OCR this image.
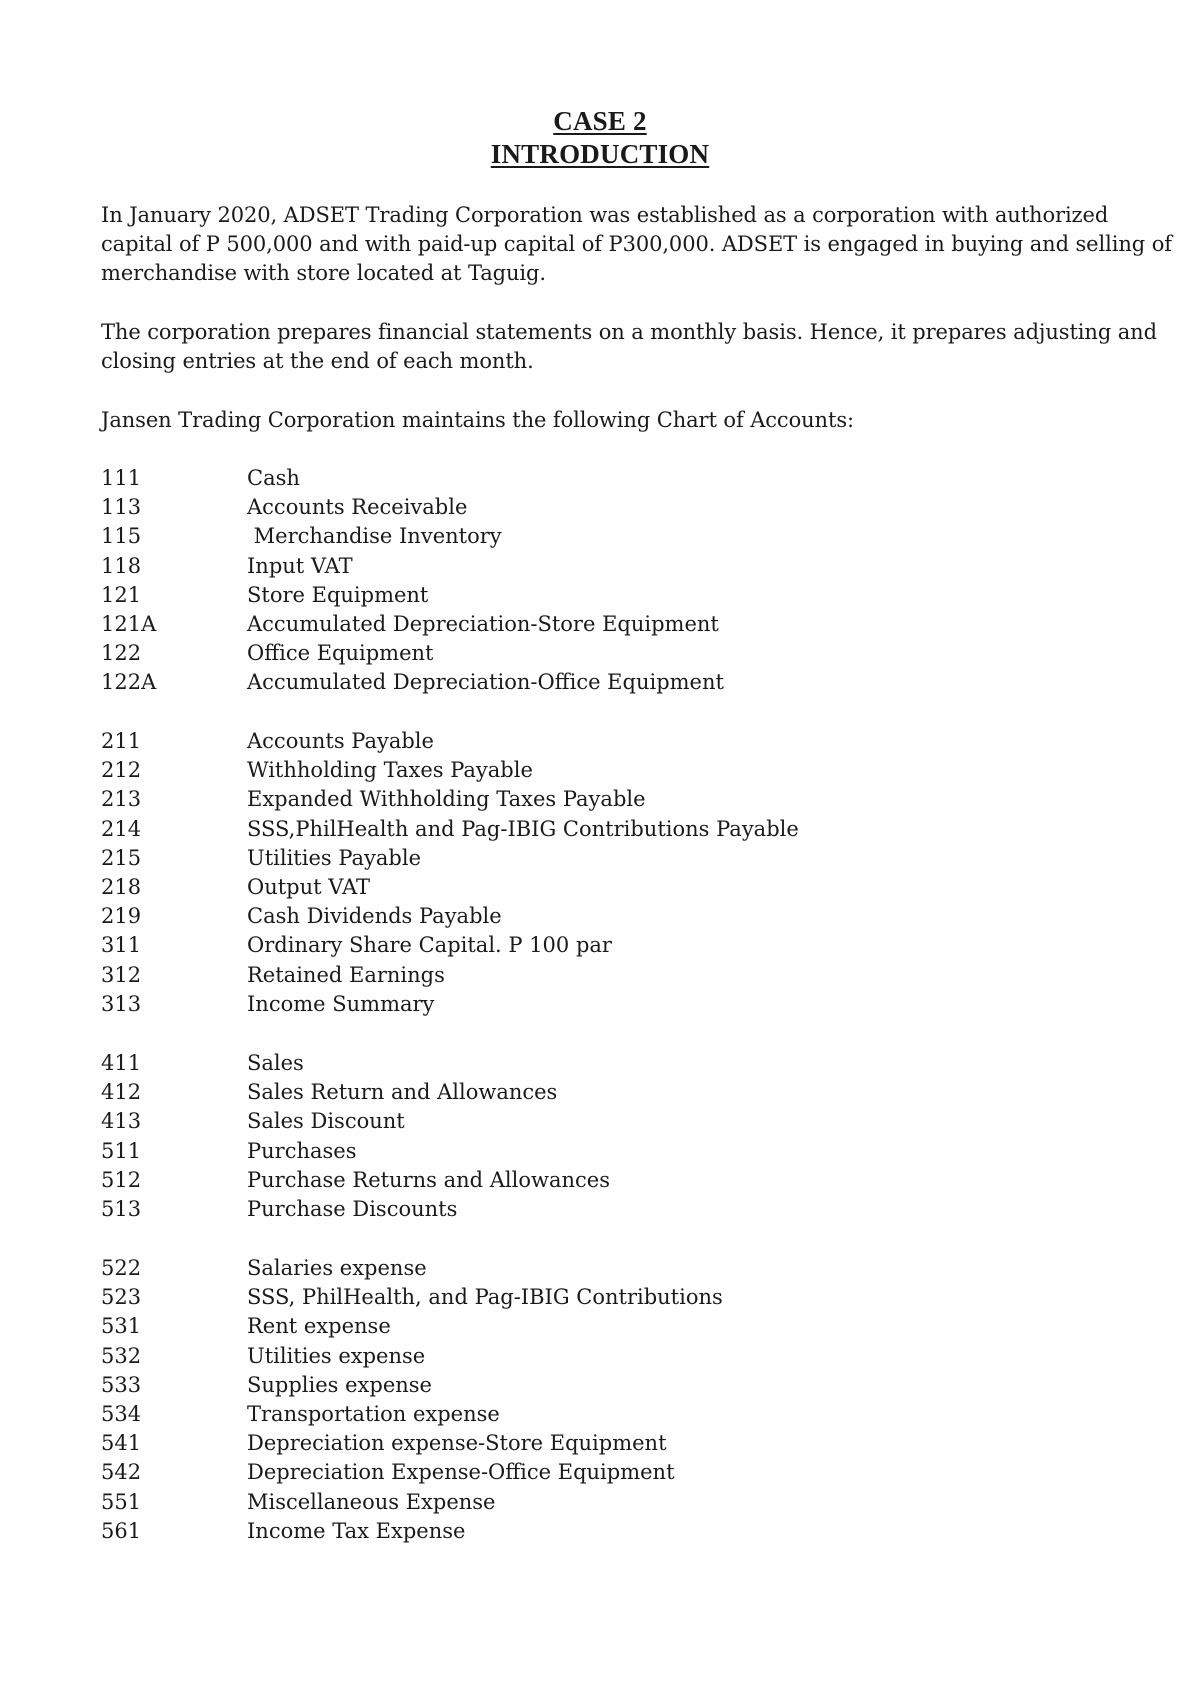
CASE 2
INTRODUCTION

In January 2020, ADSET Trading Corporation was established as a corporation with authorized capital of P 500,000 and with paid-up capital of P300,000. ADSET is engaged in buying and selling of merchandise with store located at Taguig.

The corporation prepares financial statements on a monthly basis. Hence, it prepares adjusting and closing entries at the end of each month.

Jansen Trading Corporation maintains the following Chart of Accounts:

111	Cash
113	Accounts Receivable
115	Merchandise Inventory
118	Input VAT
121	Store Equipment
121A	Accumulated Depreciation-Store Equipment
122	Office Equipment
122A	Accumulated Depreciation-Office Equipment
211	Accounts Payable
212	Withholding Taxes Payable
213	Expanded Withholding Taxes Payable
214	SSS,PhilHealth and Pag-IBIG Contributions Payable
215	Utilities Payable
218	Output VAT
219	Cash Dividends Payable
311	Ordinary Share Capital. P 100 par
312	Retained Earnings
313	Income Summary
411	Sales
412	Sales Return and Allowances
413	Sales Discount
511	Purchases
512	Purchase Returns and Allowances
513	Purchase Discounts
522	Salaries expense
523	SSS, PhilHealth, and Pag-IBIG Contributions
531	Rent expense
532	Utilities expense
533	Supplies expense
534	Transportation expense
541	Depreciation expense-Store Equipment
542	Depreciation Expense-Office Equipment
551	Miscellaneous Expense
561	Income Tax Expense
